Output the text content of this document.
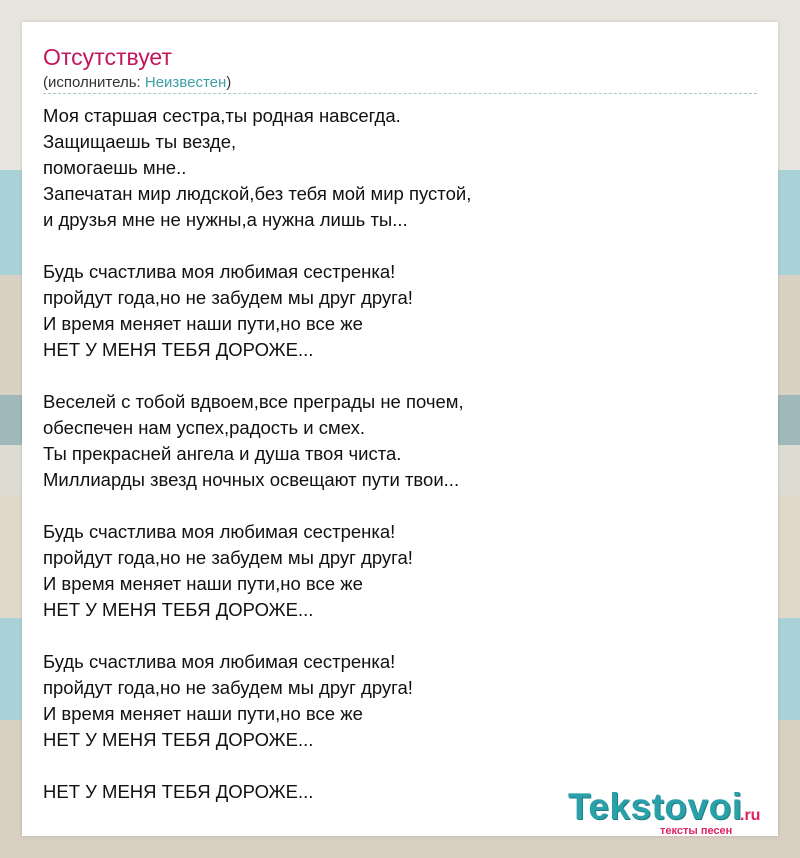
Отсутствует
(исполнитель: Неизвестен)
Моя старшая сестра,ты родная навсегда.
Защищаешь ты везде,
помогаешь мне..
Запечатан мир людской,без тебя мой мир пустой,
и друзья мне не нужны,а нужна лишь ты...
Будь счастлива моя любимая сестренка!
пройдут года,но не забудем мы друг друга!
И время меняет наши пути,но все же
НЕТ У МЕНЯ ТЕБЯ ДОРОЖЕ...
Веселей с тобой вдвоем,все преграды не почем,
обеспечен нам успех,радость и смех.
Ты прекрасней ангела и душа твоя чиста.
Миллиарды звезд ночных освещают пути твои...
Будь счастлива моя любимая сестренка!
пройдут года,но не забудем мы друг друга!
И время меняет наши пути,но все же
НЕТ У МЕНЯ ТЕБЯ ДОРОЖЕ...
Будь счастлива моя любимая сестренка!
пройдут года,но не забудем мы друг друга!
И время меняет наши пути,но все же
НЕТ У МЕНЯ ТЕБЯ ДОРОЖЕ...
НЕТ У МЕНЯ ТЕБЯ ДОРОЖЕ...	Tekstovoi
.ru
тексты песен
